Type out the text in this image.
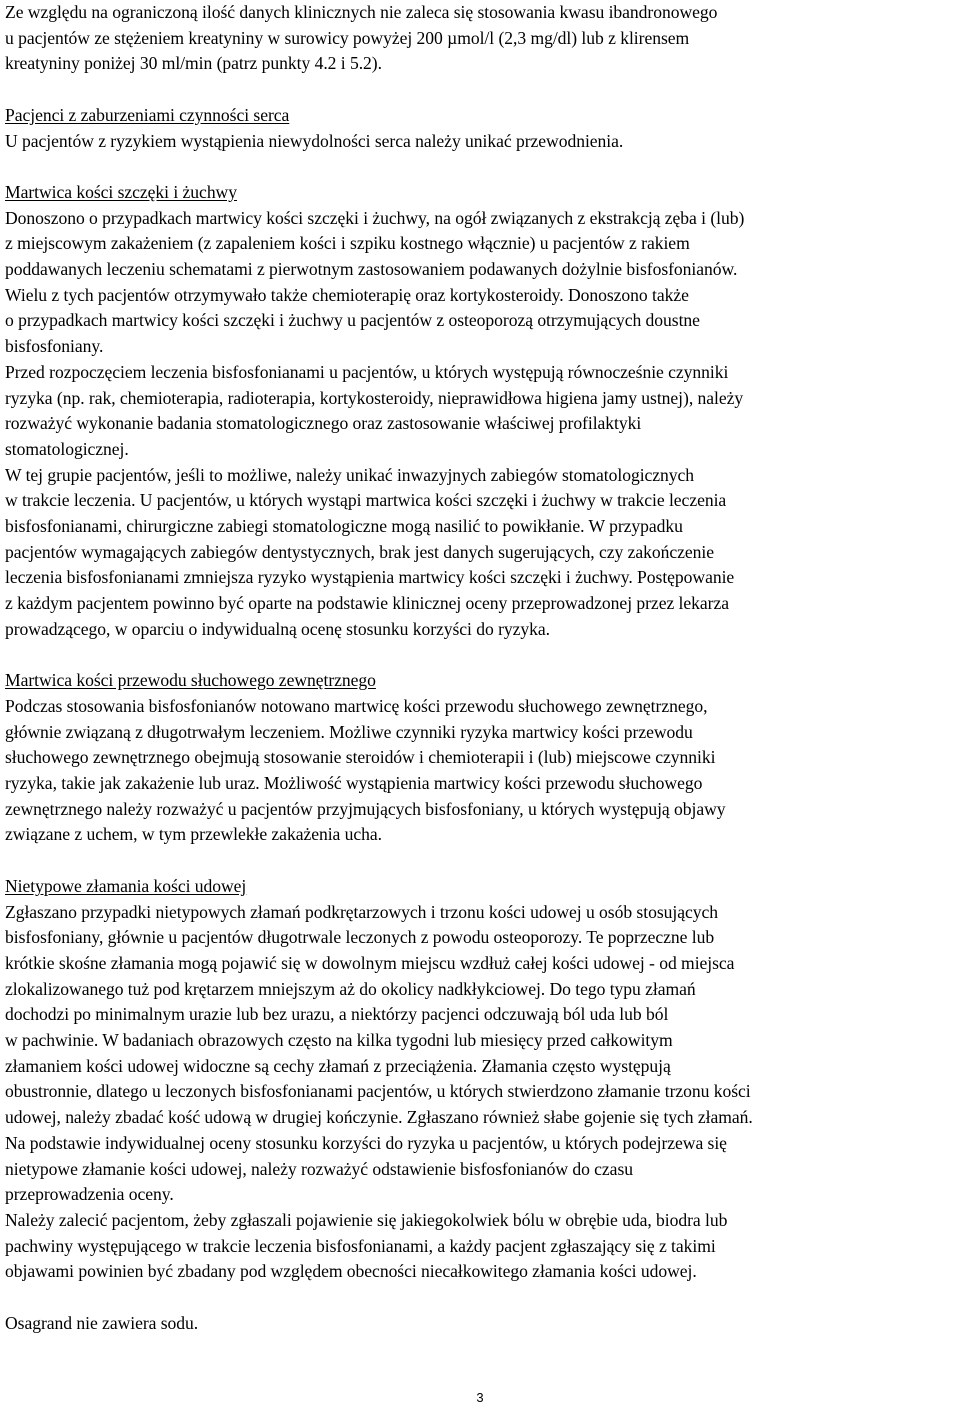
Ze względu na ograniczoną ilość danych klinicznych nie zaleca się stosowania kwasu ibandronowego
u pacjentów ze stężeniem kreatyniny w surowicy powyżej 200 µmol/l (2,3 mg/dl) lub z klirensem
kreatyniny poniżej 30 ml/min (patrz punkty 4.2 i 5.2).
Pacjenci z zaburzeniami czynności serca
U pacjentów z ryzykiem wystąpienia niewydolności serca należy unikać przewodnienia.
Martwica kości szczęki i żuchwy
Donoszono o przypadkach martwicy kości szczęki i żuchwy, na ogół związanych z ekstrakcją zęba i (lub)
z miejscowym zakażeniem (z zapaleniem kości i szpiku kostnego włącznie) u pacjentów z rakiem
poddawanych leczeniu schematami z pierwotnym zastosowaniem podawanych dożylnie bisfosfonianów.
Wielu z tych pacjentów otrzymywało także chemioterapię oraz kortykosteroidy. Donoszono także
o przypadkach martwicy kości szczęki i żuchwy u pacjentów z osteoporozą otrzymujących doustne
bisfosfoniany.
Przed rozpoczęciem leczenia bisfosfonianami u pacjentów, u których występują równocześnie czynniki
ryzyka (np. rak, chemioterapia, radioterapia, kortykosteroidy, nieprawidłowa higiena jamy ustnej), należy
rozważyć wykonanie badania stomatologicznego oraz zastosowanie właściwej profilaktyki
stomatologicznej.
W tej grupie pacjentów, jeśli to możliwe, należy unikać inwazyjnych zabiegów stomatologicznych
w trakcie leczenia. U pacjentów, u których wystąpi martwica kości szczęki i żuchwy w trakcie leczenia
bisfosfonianami, chirurgiczne zabiegi stomatologiczne mogą nasilić to powikłanie. W przypadku
pacjentów wymagających zabiegów dentystycznych, brak jest danych sugerujących, czy zakończenie
leczenia bisfosfonianami zmniejsza ryzyko wystąpienia martwicy kości szczęki i żuchwy. Postępowanie
z każdym pacjentem powinno być oparte na podstawie klinicznej oceny przeprowadzonej przez lekarza
prowadzącego, w oparciu o indywidualną ocenę stosunku korzyści do ryzyka.
Martwica kości przewodu słuchowego zewnętrznego
Podczas stosowania bisfosfonianów notowano martwicę kości przewodu słuchowego zewnętrznego,
głównie związaną z długotrwałym leczeniem. Możliwe czynniki ryzyka martwicy kości przewodu
słuchowego zewnętrznego obejmują stosowanie steroidów i chemioterapii i (lub) miejscowe czynniki
ryzyka, takie jak zakażenie lub uraz. Możliwość wystąpienia martwicy kości przewodu słuchowego
zewnętrznego należy rozważyć u pacjentów przyjmujących bisfosfoniany, u których występują objawy
związane z uchem, w tym przewlekłe zakażenia ucha.
Nietypowe złamania kości udowej
Zgłaszano przypadki nietypowych złamań podkrętarzowych i trzonu kości udowej u osób stosujących
bisfosfoniany, głównie u pacjentów długotrwale leczonych z powodu osteoporozy. Te poprzeczne lub
krótkie skośne złamania mogą pojawić się w dowolnym miejscu wzdłuż całej kości udowej - od miejsca
zlokalizowanego tuż pod krętarzem mniejszym aż do okolicy nadkłykciowej. Do tego typu złamań
dochodzi po minimalnym urazie lub bez urazu, a niektórzy pacjenci odczuwają ból uda lub ból
w pachwinie. W badaniach obrazowych często na kilka tygodni lub miesięcy przed całkowitym
złamaniem kości udowej widoczne są cechy złamań z przeciążenia. Złamania często występują
obustronnie, dlatego u leczonych bisfosfonianami pacjentów, u których stwierdzono złamanie trzonu kości
udowej, należy zbadać kość udową w drugiej kończynie. Zgłaszano również słabe gojenie się tych złamań.
Na podstawie indywidualnej oceny stosunku korzyści do ryzyka u pacjentów, u których podejrzewa się
nietypowe złamanie kości udowej, należy rozważyć odstawienie bisfosfonianów do czasu
przeprowadzenia oceny.
Należy zalecić pacjentom, żeby zgłaszali pojawienie się jakiegokolwiek bólu w obrębie uda, biodra lub
pachwiny występującego w trakcie leczenia bisfosfonianami, a każdy pacjent zgłaszający się z takimi
objawami powinien być zbadany pod względem obecności niecałkowitego złamania kości udowej.
Osagrand nie zawiera sodu.
3
